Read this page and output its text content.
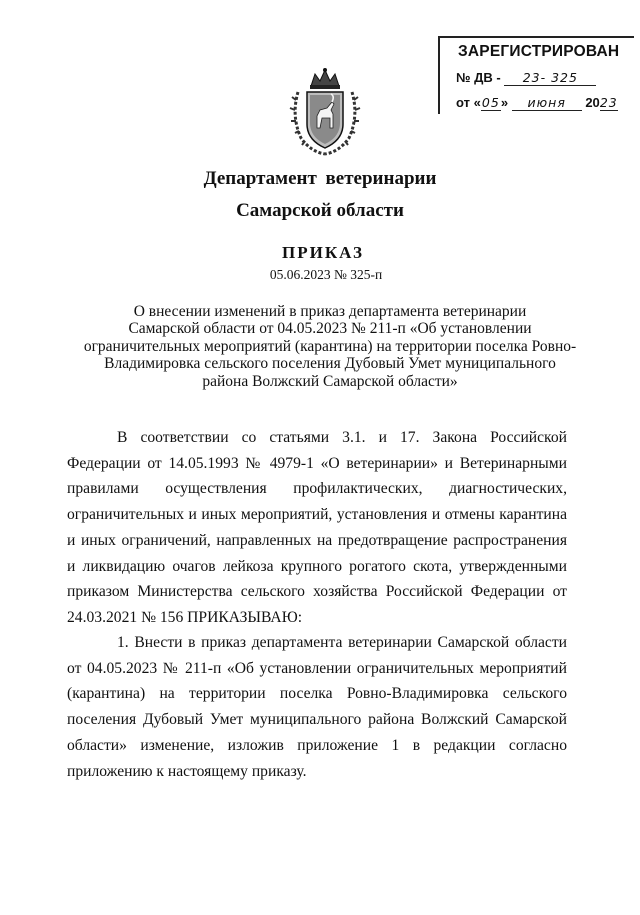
ЗАРЕГИСТРИРОВАН
№ ДВ - 23- 325
от «05» июня 2023
Департамент ветеринарии
Самарской области
ПРИКАЗ
05.06.2023 № 325-п
О внесении изменений в приказ департамента ветеринарии
Самарской области от 04.05.2023 № 211-п «Об установлении
ограничительных мероприятий (карантина) на территории поселка Ровно-
Владимировка сельского поселения Дубовый Умет муниципального
района Волжский Самарской области»

В соответствии со статьями 3.1. и 17. Закона Российской Федерации от 14.05.1993 № 4979-1 «О ветеринарии» и Ветеринарными правилами осуществления профилактических, диагностических, ограничительных и иных мероприятий, установления и отмены карантина и иных ограничений, направленных на предотвращение распространения и ликвидацию очагов лейкоза крупного рогатого скота, утвержденными приказом Министерства сельского хозяйства Российской Федерации от 24.03.2021 № 156 ПРИКАЗЫВАЮ:

1. Внести в приказ департамента ветеринарии Самарской области от 04.05.2023 № 211-п «Об установлении ограничительных мероприятий (карантина) на территории поселка Ровно-Владимировка сельского поселения Дубовый Умет муниципального района Волжский Самарской области» изменение, изложив приложение 1 в редакции согласно приложению к настоящему приказу.
